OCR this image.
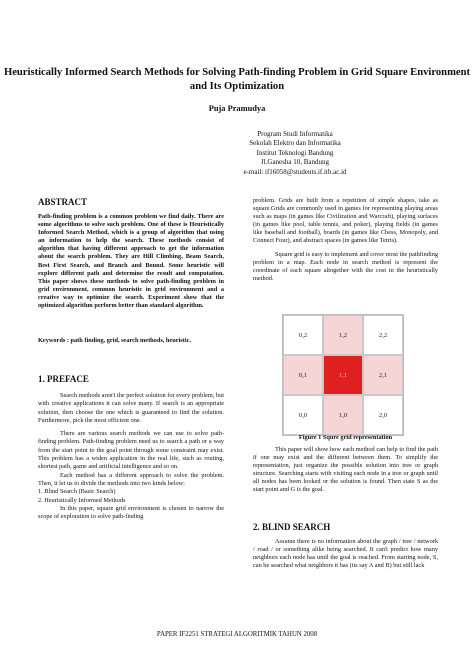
Heuristically Informed Search Methods for Solving Path-finding Problem in Grid Square Environment and Its Optimization
Puja Pramudya
Program Studi Informatika
Sekolah Elektro dan Informatika
Institut Teknologi Bandung
Jl.Ganesha 10, Bandung
e-mail: if16058@students.if.itb.ac.id
ABSTRACT
Path-finding problem is a common problem we find daily. There are some algorithms to solve such problem. One of these is Heuristically Informed Search Method, which is a group of algorithm that using an information to help the search. These methods consist of algorithm that having different approach to get the information about the search problem. They are Hill Climbing, Beam Search, Best First Search, and Branch and Bound. Some heuristic will explore different path and determine the result and computation. This paper shows these methods to solve path-finding problem in grid environment, common heuristic in grid environment and a creative way to optimize the search. Experiment show that the optimized algorithm perform better than standard algorithm.
Keywords : path finding, grid, search methods, heuristic.
1. PREFACE

Search methods aren't the perfect solution for every problem, but with creative applications it can solve many. If search is an appropriate solution, then choose the one which is guaranteed to find the solution. Furthermore, pick the most efficient one.

There are various search methods we can use to solve path-finding problem. Path-finding problem need us to search a path or a way from the start point to the goal point through some constraint may exist. This problem has a widen application in the real life, such as routing, shortest path, game and artificial intelligence and so on.

Each method has a different approach to solve the problem. Then, it let us to divide the methods into two kinds below:

1. Blind Search (Basic Search)

2. Heuristically Informed Methods

In this paper, square grid environment is chosen to narrow the scope of exploration to solve path-finding

problem. Grids are built from a repetition of simple shapes, take as square.Grids are commonly used in games for representing playing areas such as maps (in games like Civilization and Warcraft), playing surfaces (in games like pool, table tennis, and poker), playing fields (in games like baseball and football), boards (in games like Chess, Monopoly, and Connect Four), and abstract spaces (in games like Tetris).

Square grid is easy to implement and cover most the pathfinding problem in a map. Each node in search method is represent the coordinate of each square altogether with the cost in the heuristically method.

0,2	1,2	2,2
0,1	1,1	2,1
0,0	1,0	2,0
Figure 1 Squre grid representation

This paper will show how each method can help to find the path if one may exist and the different between them. To simplify the representation, just organize the possible solution into tree or graph structure. Searching starts with visiting each node in a tree or graph until all nodes has been looked or the solution is found. Then state S as the start point and G is the goal.

2. BLIND SEARCH

Assume there is no information about the graph / tree / network / road / or something alike being searched. It can't predict how many neighbors each node has until the goal is reached. From starting node, S, can be searched what neighbors it has (its say A and B) but still lack

PAPER IF2251 STRATEGI ALGORITMIK TAHUN 2008
